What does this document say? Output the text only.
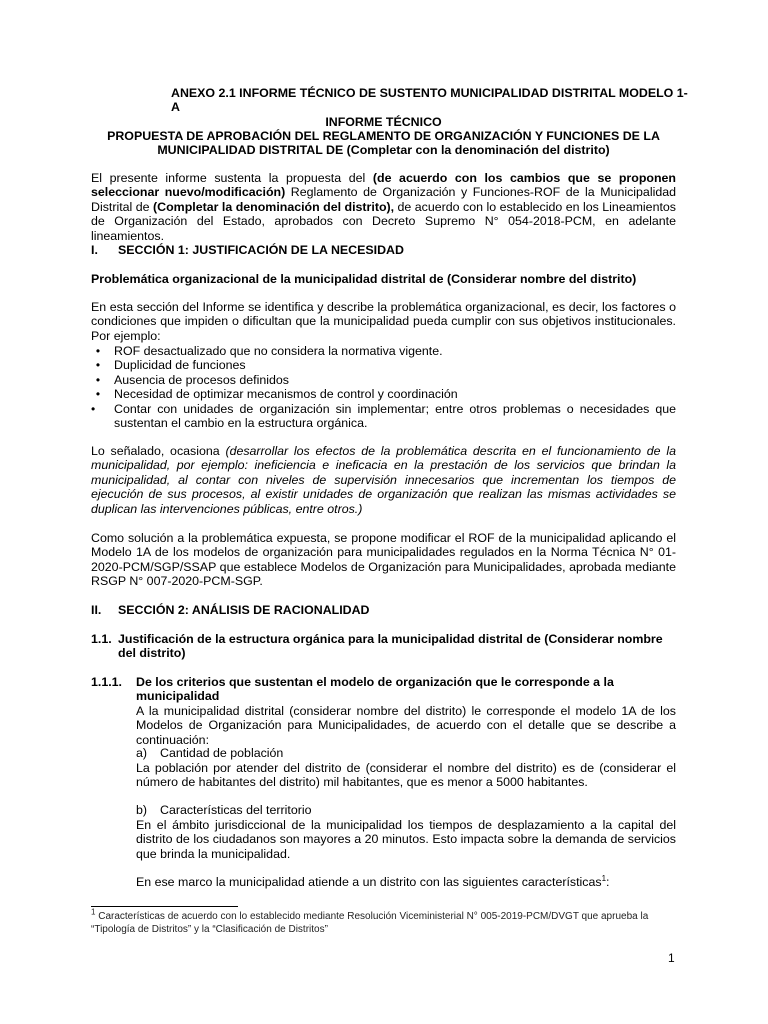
ANEXO 2.1 INFORME TÉCNICO DE SUSTENTO MUNICIPALIDAD DISTRITAL MODELO 1-A
INFORME TÉCNICO
PROPUESTA DE APROBACIÓN DEL REGLAMENTO DE ORGANIZACIÓN Y FUNCIONES DE LA
MUNICIPALIDAD DISTRITAL DE (Completar con la denominación del distrito)
El presente informe sustenta la propuesta del (de acuerdo con los cambios que se proponen seleccionar nuevo/modificación) Reglamento de Organización y Funciones-ROF de la Municipalidad Distrital de (Completar la denominación del distrito), de acuerdo con lo establecido en los Lineamientos de Organización del Estado, aprobados con Decreto Supremo N° 054-2018-PCM, en adelante lineamientos.
I. SECCIÓN 1: JUSTIFICACIÓN DE LA NECESIDAD
Problemática organizacional de la municipalidad distrital de (Considerar nombre del distrito)
En esta sección del Informe se identifica y describe la problemática organizacional, es decir, los factores o condiciones que impiden o dificultan que la municipalidad pueda cumplir con sus objetivos institucionales. Por ejemplo:
•	ROF desactualizado que no considera la normativa vigente.
•	Duplicidad de funciones
•	Ausencia de procesos definidos
•	Necesidad de optimizar mecanismos de control y coordinación
•	Contar con unidades de organización sin implementar; entre otros problemas o necesidades que sustentan el cambio en la estructura orgánica.
Lo señalado, ocasiona (desarrollar los efectos de la problemática descrita en el funcionamiento de la municipalidad, por ejemplo: ineficiencia e ineficacia en la prestación de los servicios que brindan la municipalidad, al contar con niveles de supervisión innecesarios que incrementan los tiempos de ejecución de sus procesos, al existir unidades de organización que realizan las mismas actividades se duplican las intervenciones públicas, entre otros.)
Como solución a la problemática expuesta, se propone modificar el ROF de la municipalidad aplicando el Modelo 1A de los modelos de organización para municipalidades regulados en la Norma Técnica N° 01-2020-PCM/SGP/SSAP que establece Modelos de Organización para Municipalidades, aprobada mediante RSGP N° 007-2020-PCM-SGP.
II. SECCIÓN 2: ANÁLISIS DE RACIONALIDAD
1.1. Justificación de la estructura orgánica para la municipalidad distrital de (Considerar nombre del distrito)
1.1.1. De los criterios que sustentan el modelo de organización que le corresponde a la municipalidad
A la municipalidad distrital (considerar nombre del distrito) le corresponde el modelo 1A de los Modelos de Organización para Municipalidades, de acuerdo con el detalle que se describe a continuación:
a) Cantidad de población
La población por atender del distrito de (considerar el nombre del distrito) es de (considerar el número de habitantes del distrito) mil habitantes, que es menor a 5000 habitantes.
b) Características del territorio
En el ámbito jurisdiccional de la municipalidad los tiempos de desplazamiento a la capital del distrito de los ciudadanos son mayores a 20 minutos. Esto impacta sobre la demanda de servicios que brinda la municipalidad.
En ese marco la municipalidad atiende a un distrito con las siguientes características$^1$:
$^1$ Características de acuerdo con lo establecido mediante Resolución Viceministerial N° 005-2019-PCM/DVGT que aprueba la “Tipología de Distritos” y la “Clasificación de Distritos”
1
